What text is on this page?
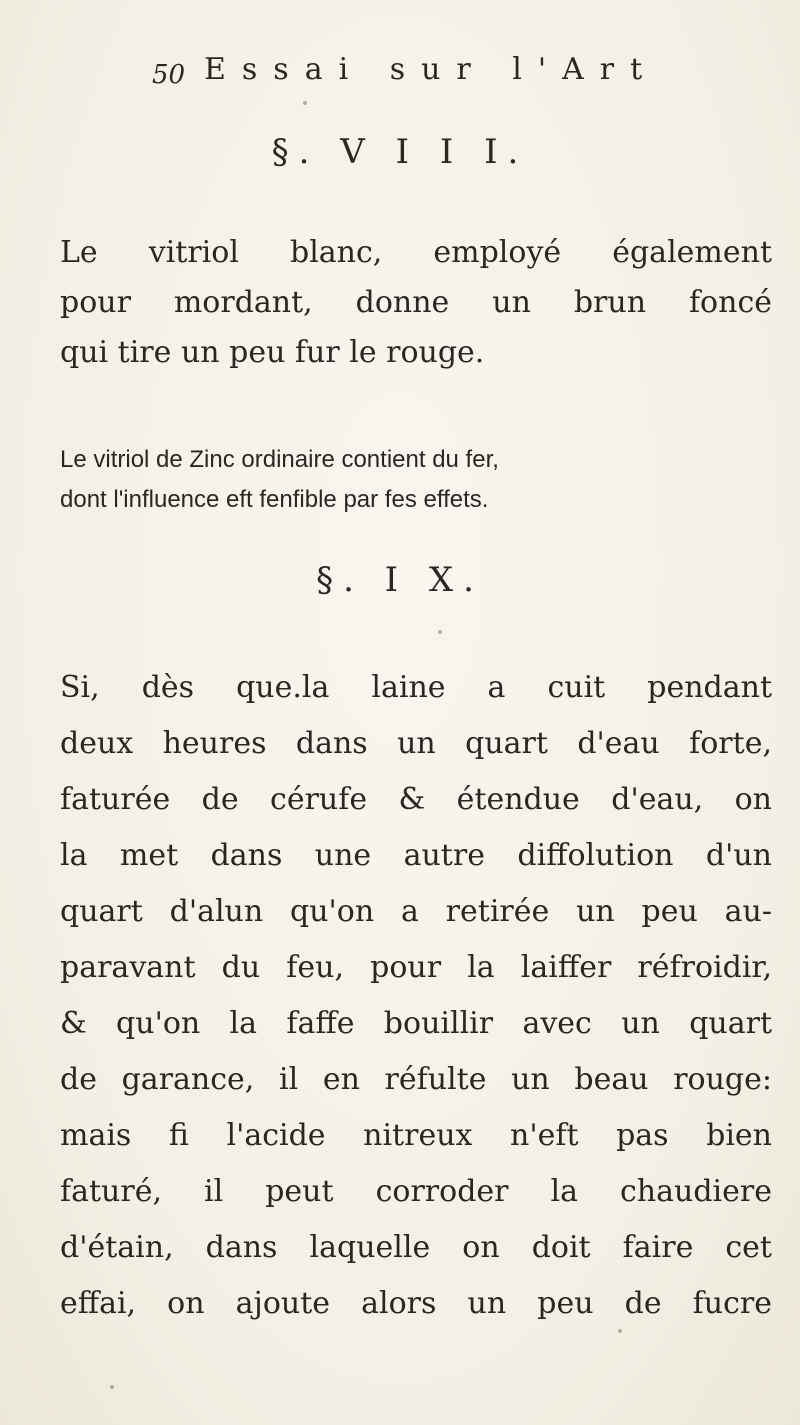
50 Essai sur l'Art
§. V I I I.
Le vitriol blanc, employé également
pour mordant, donne un brun foncé
qui tire un peu fur le rouge.
Le vitriol de Zinc ordinaire contient du fer,
dont l'influence eft fenfible par fes effets.
§. I X.
Si, dès que.la laine a cuit pendant
deux heures dans un quart d'eau forte,
faturée de cérufe & étendue d'eau, on
la met dans une autre diffolution d'un
quart d'alun qu'on a retirée un peu au-
paravant du feu, pour la laiffer réfroidir,
& qu'on la faffe bouillir avec un quart
de garance, il en réfulte un beau rouge:
mais fi l'acide nitreux n'eft pas bien
faturé, il peut corroder la chaudiere
d'étain, dans laquelle on doit faire cet
effai, on ajoute alors un peu de fucre
